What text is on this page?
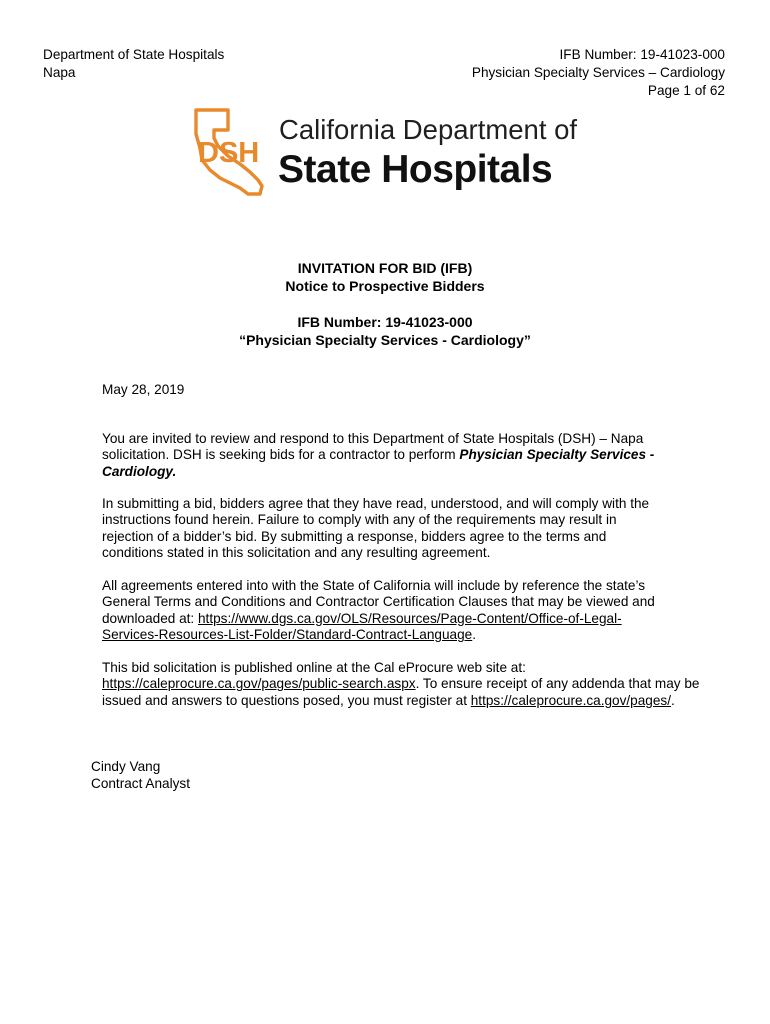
Department of State Hospitals
Napa
IFB Number: 19-41023-000
Physician Specialty Services – Cardiology
Page 1 of 62
DSH
California Department of
State Hospitals
INVITATION FOR BID (IFB)
Notice to Prospective Bidders
IFB Number: 19-41023-000
“Physician Specialty Services - Cardiology”
May 28, 2019
You are invited to review and respond to this Department of State Hospitals (DSH) – Napa
solicitation. DSH is seeking bids for a contractor to perform Physician Specialty Services -
Cardiology.
In submitting a bid, bidders agree that they have read, understood, and will comply with the
instructions found herein. Failure to comply with any of the requirements may result in
rejection of a bidder’s bid. By submitting a response, bidders agree to the terms and
conditions stated in this solicitation and any resulting agreement.
All agreements entered into with the State of California will include by reference the state’s
General Terms and Conditions and Contractor Certification Clauses that may be viewed and
downloaded at: https://www.dgs.ca.gov/OLS/Resources/Page-Content/Office-of-Legal-
Services-Resources-List-Folder/Standard-Contract-Language.
This bid solicitation is published online at the Cal eProcure web site at:
https://caleprocure.ca.gov/pages/public-search.aspx. To ensure receipt of any addenda that may be
issued and answers to questions posed, you must register at https://caleprocure.ca.gov/pages/.
Cindy Vang
Contract Analyst
